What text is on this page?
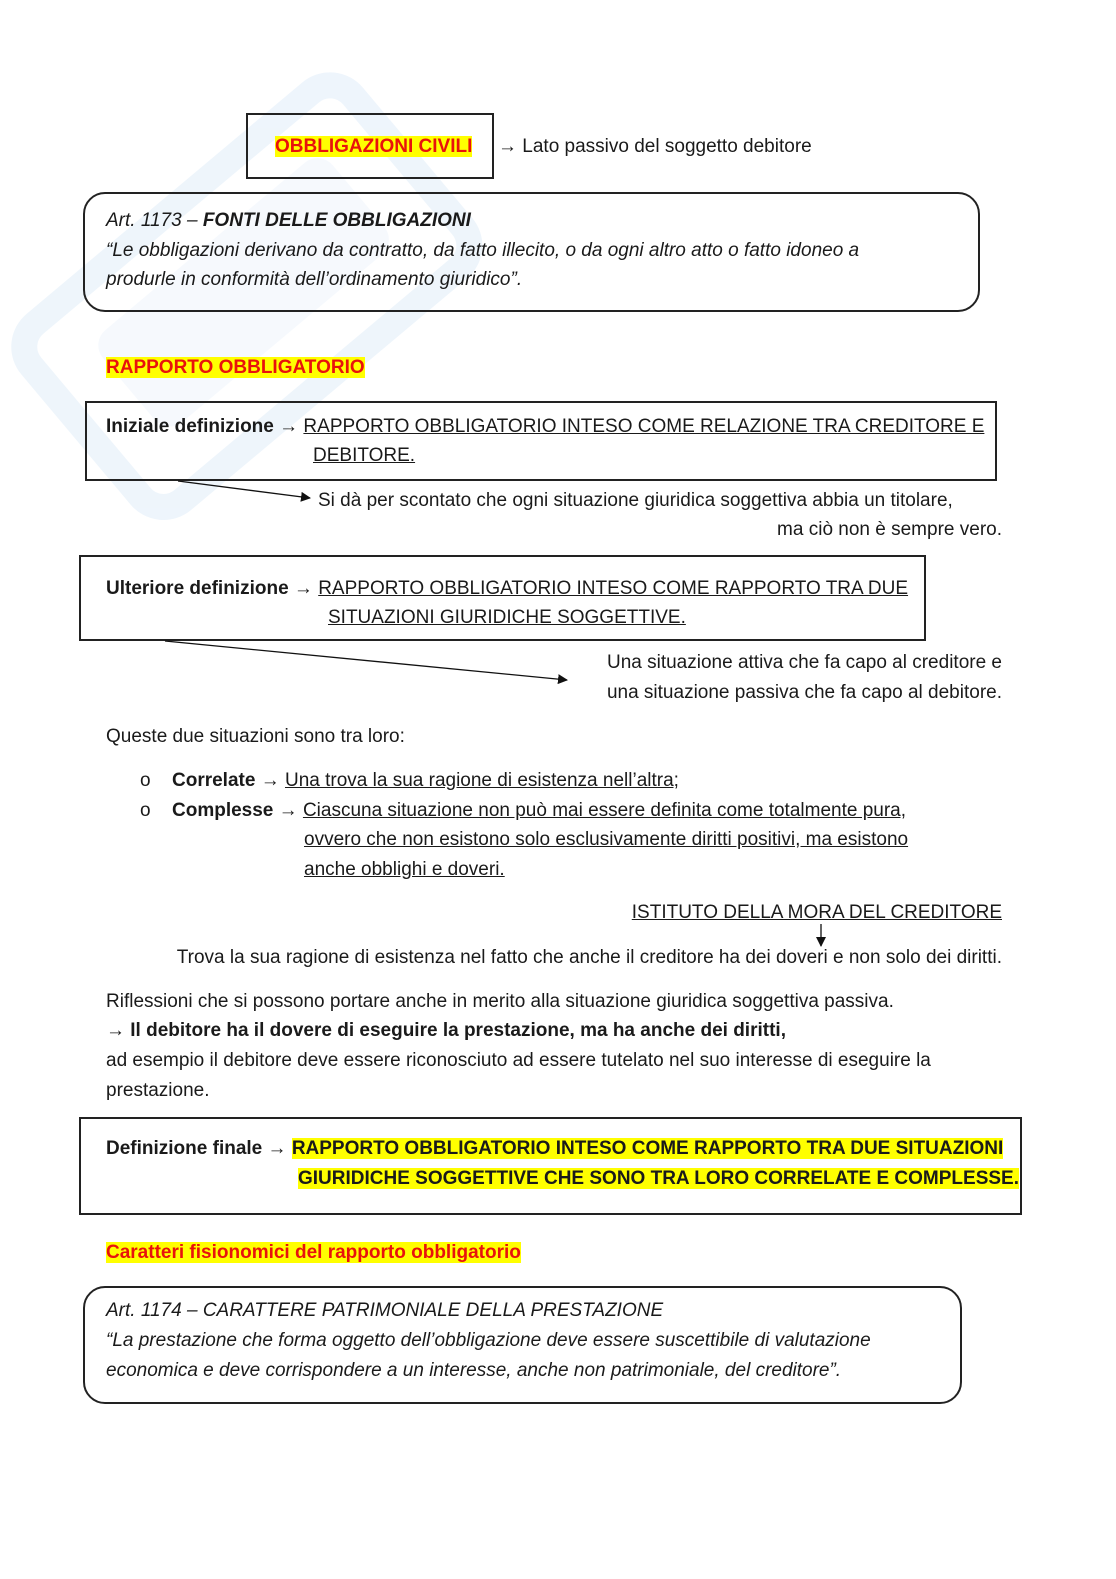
OBBLIGAZIONI CIVILI → Lato passivo del soggetto debitore
Art. 1173 – FONTI DELLE OBBLIGAZIONI
“Le obbligazioni derivano da contratto, da fatto illecito, o da ogni altro atto o fatto idoneo a
produrle in conformità dell’ordinamento giuridico”.
RAPPORTO OBBLIGATORIO
Iniziale definizione → RAPPORTO OBBLIGATORIO INTESO COME RELAZIONE TRA CREDITORE E
DEBITORE.
Si dà per scontato che ogni situazione giuridica soggettiva abbia un titolare,
ma ciò non è sempre vero.
Ulteriore definizione → RAPPORTO OBBLIGATORIO INTESO COME RAPPORTO TRA DUE
SITUAZIONI GIURIDICHE SOGGETTIVE.
Una situazione attiva che fa capo al creditore e
una situazione passiva che fa capo al debitore.
Queste due situazioni sono tra loro:
o Correlate → Una trova la sua ragione di esistenza nell’altra;
o Complesse → Ciascuna situazione non può mai essere definita come totalmente pura,
ovvero che non esistono solo esclusivamente diritti positivi, ma esistono
anche obblighi e doveri.
ISTITUTO DELLA MORA DEL CREDITORE
Trova la sua ragione di esistenza nel fatto che anche il creditore ha dei doveri e non solo dei diritti.
Riflessioni che si possono portare anche in merito alla situazione giuridica soggettiva passiva.
→ Il debitore ha il dovere di eseguire la prestazione, ma ha anche dei diritti,
ad esempio il debitore deve essere riconosciuto ad essere tutelato nel suo interesse di eseguire la
prestazione.
Definizione finale → RAPPORTO OBBLIGATORIO INTESO COME RAPPORTO TRA DUE SITUAZIONI
GIURIDICHE SOGGETTIVE CHE SONO TRA LORO CORRELATE E COMPLESSE.
Caratteri fisionomici del rapporto obbligatorio
Art. 1174 – CARATTERE PATRIMONIALE DELLA PRESTAZIONE
“La prestazione che forma oggetto dell’obbligazione deve essere suscettibile di valutazione
economica e deve corrispondere a un interesse, anche non patrimoniale, del creditore”.
